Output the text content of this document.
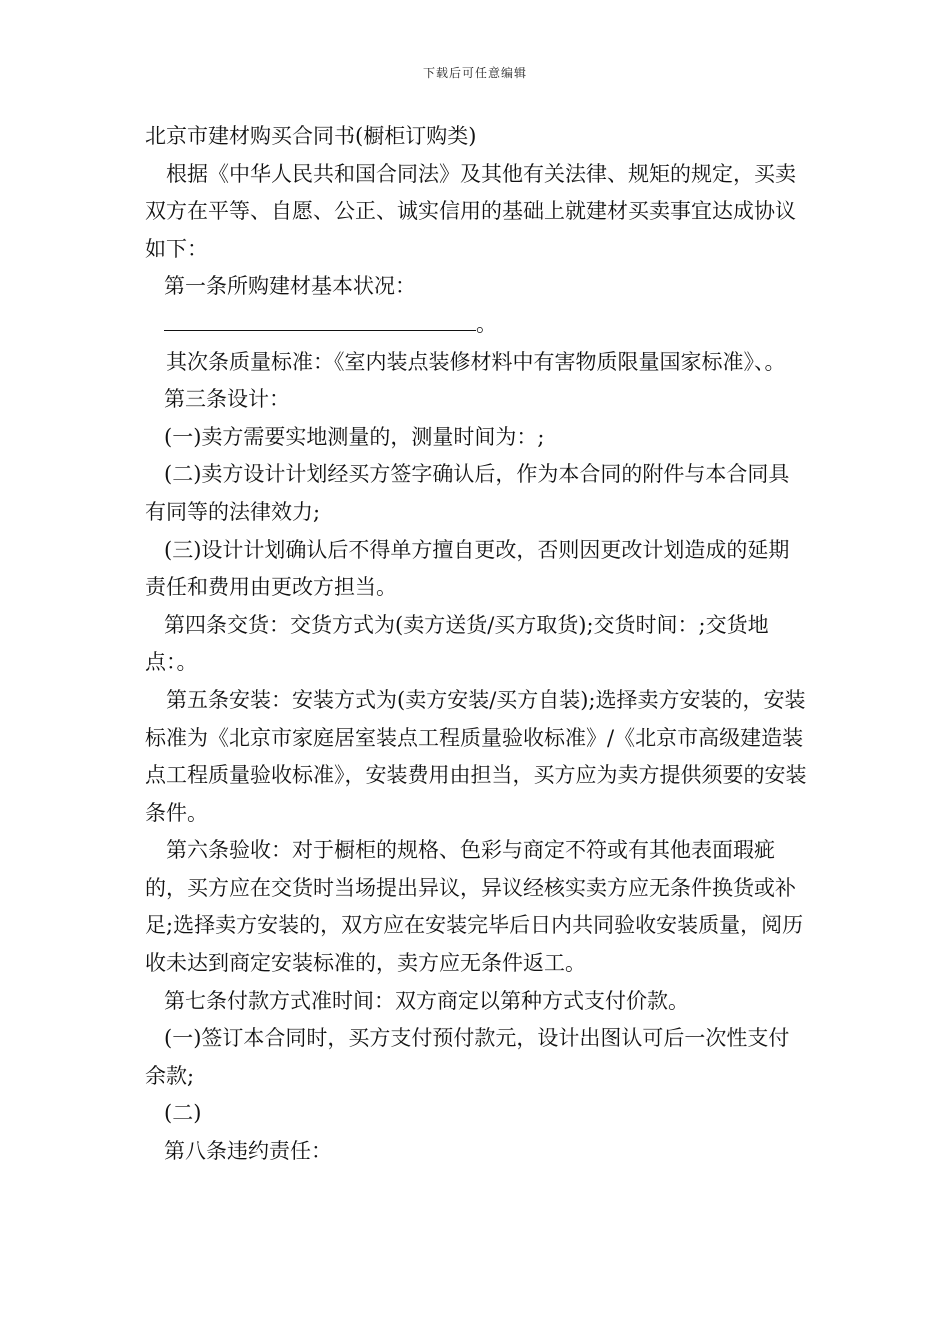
下载后可任意编辑

北京市建材购买合同书(橱柜订购类)

根据《中华人民共和国合同法》及其他有关法律、规矩的规定，买卖双方在平等、自愿、公正、诚实信用的基础上就建材买卖事宜达成协议如下：

第一条所购建材基本状况：

。

其次条质量标准：《室内装点装修材料中有害物质限量国家标准》、。

第三条设计：

(一)卖方需要实地测量的，测量时间为：;

(二)卖方设计计划经买方签字确认后，作为本合同的附件与本合同具有同等的法律效力;

(三)设计计划确认后不得单方擅自更改，否则因更改计划造成的延期责任和费用由更改方担当。

第四条交货：交货方式为(卖方送货/买方取货);交货时间：;交货地点：。

第五条安装：安装方式为(卖方安装/买方自装);选择卖方安装的，安装标准为《北京市家庭居室装点工程质量验收标准》/《北京市高级建造装点工程质量验收标准》，安装费用由担当，买方应为卖方提供须要的安装条件。

第六条验收：对于橱柜的规格、色彩与商定不符或有其他表面瑕疵的，买方应在交货时当场提出异议，异议经核实卖方应无条件换货或补足;选择卖方安装的，双方应在安装完毕后日内共同验收安装质量，阅历收未达到商定安装标准的，卖方应无条件返工。

第七条付款方式准时间：双方商定以第种方式支付价款。

(一)签订本合同时，买方支付预付款元，设计出图认可后一次性支付余款;

(二)

第八条违约责任：
